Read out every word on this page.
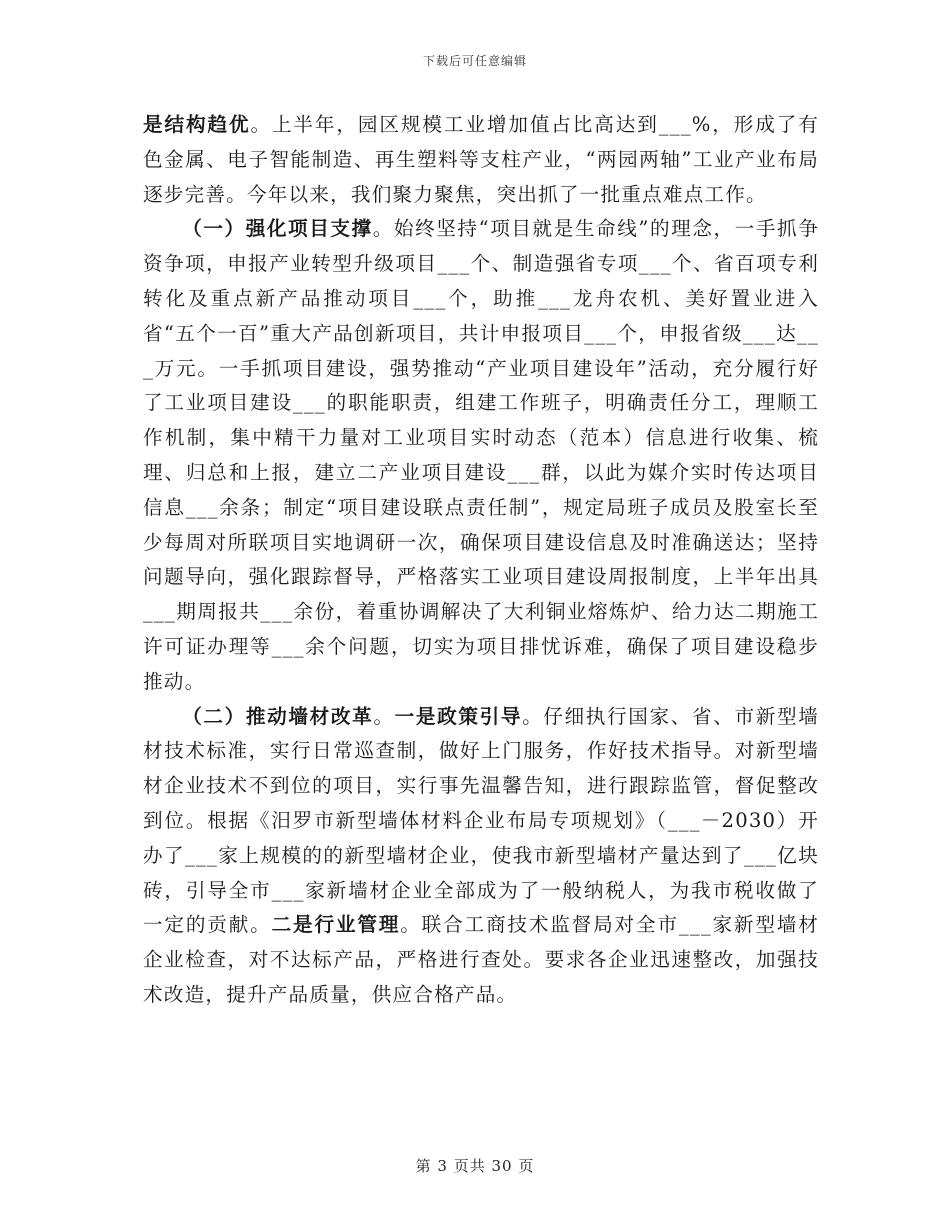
下载后可任意编辑

是结构趋优。上半年，园区规模工业增加值占比高达到___%，形成了有色金属、电子智能制造、再生塑料等支柱产业，“两园两轴”工业产业布局逐步完善。今年以来，我们聚力聚焦，突出抓了一批重点难点工作。

（一）强化项目支撑。始终坚持“项目就是生命线”的理念，一手抓争资争项，申报产业转型升级项目___个、制造强省专项___个、省百项专利转化及重点新产品推动项目___个，助推___龙舟农机、美好置业进入省“五个一百”重大产品创新项目，共计申报项目___个，申报省级___达___万元。一手抓项目建设，强势推动“产业项目建设年”活动，充分履行好了工业项目建设___的职能职责，组建工作班子，明确责任分工，理顺工作机制，集中精干力量对工业项目实时动态（范本）信息进行收集、梳理、归总和上报，建立二产业项目建设___群，以此为媒介实时传达项目信息___余条；制定“项目建设联点责任制”，规定局班子成员及股室长至少每周对所联项目实地调研一次，确保项目建设信息及时准确送达；坚持问题导向，强化跟踪督导，严格落实工业项目建设周报制度，上半年出具___期周报共___余份，着重协调解决了大利铜业熔炼炉、给力达二期施工许可证办理等___余个问题，切实为项目排忧诉难，确保了项目建设稳步推动。

（二）推动墙材改革。一是政策引导。仔细执行国家、省、市新型墙材技术标准，实行日常巡查制，做好上门服务，作好技术指导。对新型墙材企业技术不到位的项目，实行事先温馨告知，进行跟踪监管，督促整改到位。根据《汨罗市新型墙体材料企业布局专项规划》（___－2030）开办了___家上规模的的新型墙材企业，使我市新型墙材产量达到了___亿块砖，引导全市___家新墙材企业全部成为了一般纳税人，为我市税收做了一定的贡献。二是行业管理。联合工商技术监督局对全市___家新型墙材企业检查，对不达标产品，严格进行查处。要求各企业迅速整改，加强技术改造，提升产品质量，供应合格产品。

第 3 页共 30 页
